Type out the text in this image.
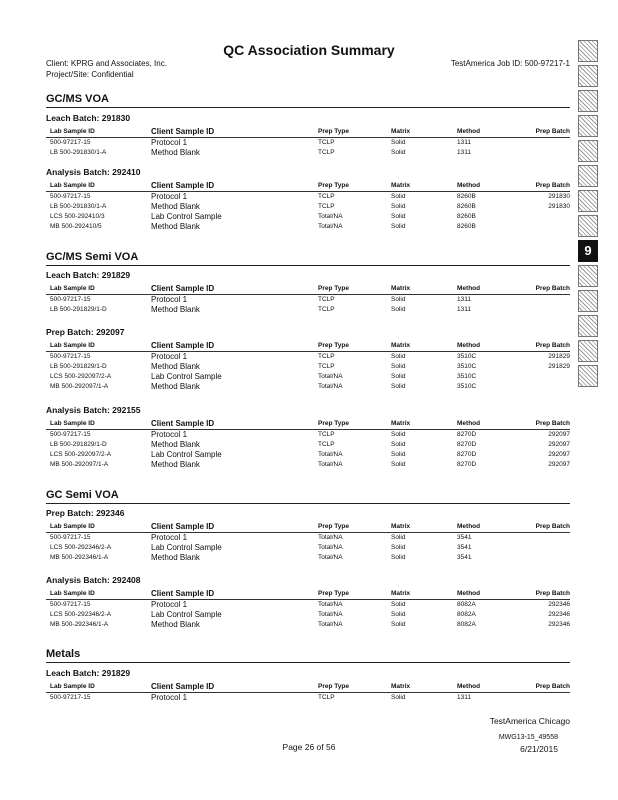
QC Association Summary
Client: KPRG and Associates, Inc.
Project/Site: Confidential
TestAmerica Job ID: 500-97217-1
GC/MS VOA
Leach Batch: 291830
Lab Sample ID	Client Sample ID	Prep Type	Matrix	Method	Prep Batch
500-97217-15	Protocol 1	TCLP	Solid	1311
LB 500-291830/1-A	Method Blank	TCLP	Solid	1311
Analysis Batch: 292410
Lab Sample ID	Client Sample ID	Prep Type	Matrix	Method	Prep Batch
500-97217-15	Protocol 1	TCLP	Solid	8260B	291830
LB 500-291830/1-A	Method Blank	TCLP	Solid	8260B	291830
LCS 500-292410/3	Lab Control Sample	Total/NA	Solid	8260B
MB 500-292410/5	Method Blank	Total/NA	Solid	8260B
GC/MS Semi VOA
Leach Batch: 291829
Lab Sample ID	Client Sample ID	Prep Type	Matrix	Method	Prep Batch
500-97217-15	Protocol 1	TCLP	Solid	1311
LB 500-291829/1-D	Method Blank	TCLP	Solid	1311
Prep Batch: 292097
Lab Sample ID	Client Sample ID	Prep Type	Matrix	Method	Prep Batch
500-97217-15	Protocol 1	TCLP	Solid	3510C	291829
LB 500-291829/1-D	Method Blank	TCLP	Solid	3510C	291829
LCS 500-292097/2-A	Lab Control Sample	Total/NA	Solid	3510C
MB 500-292097/1-A	Method Blank	Total/NA	Solid	3510C
Analysis Batch: 292155
Lab Sample ID	Client Sample ID	Prep Type	Matrix	Method	Prep Batch
500-97217-15	Protocol 1	TCLP	Solid	8270D	292097
LB 500-291829/1-D	Method Blank	TCLP	Solid	8270D	292097
LCS 500-292097/2-A	Lab Control Sample	Total/NA	Solid	8270D	292097
MB 500-292097/1-A	Method Blank	Total/NA	Solid	8270D	292097
GC Semi VOA
Prep Batch: 292346
Lab Sample ID	Client Sample ID	Prep Type	Matrix	Method	Prep Batch
500-97217-15	Protocol 1	Total/NA	Solid	3541
LCS 500-292346/2-A	Lab Control Sample	Total/NA	Solid	3541
MB 500-292346/1-A	Method Blank	Total/NA	Solid	3541
Analysis Batch: 292408
Lab Sample ID	Client Sample ID	Prep Type	Matrix	Method	Prep Batch
500-97217-15	Protocol 1	Total/NA	Solid	8082A	292346
LCS 500-292346/2-A	Lab Control Sample	Total/NA	Solid	8082A	292346
MB 500-292346/1-A	Method Blank	Total/NA	Solid	8082A	292346
Metals
Leach Batch: 291829
Lab Sample ID	Client Sample ID	Prep Type	Matrix	Method	Prep Batch
500-97217-15	Protocol 1	TCLP	Solid	1311
9
TestAmerica Chicago
MWG13-15_49558
Page 26 of 56	6/21/2015
